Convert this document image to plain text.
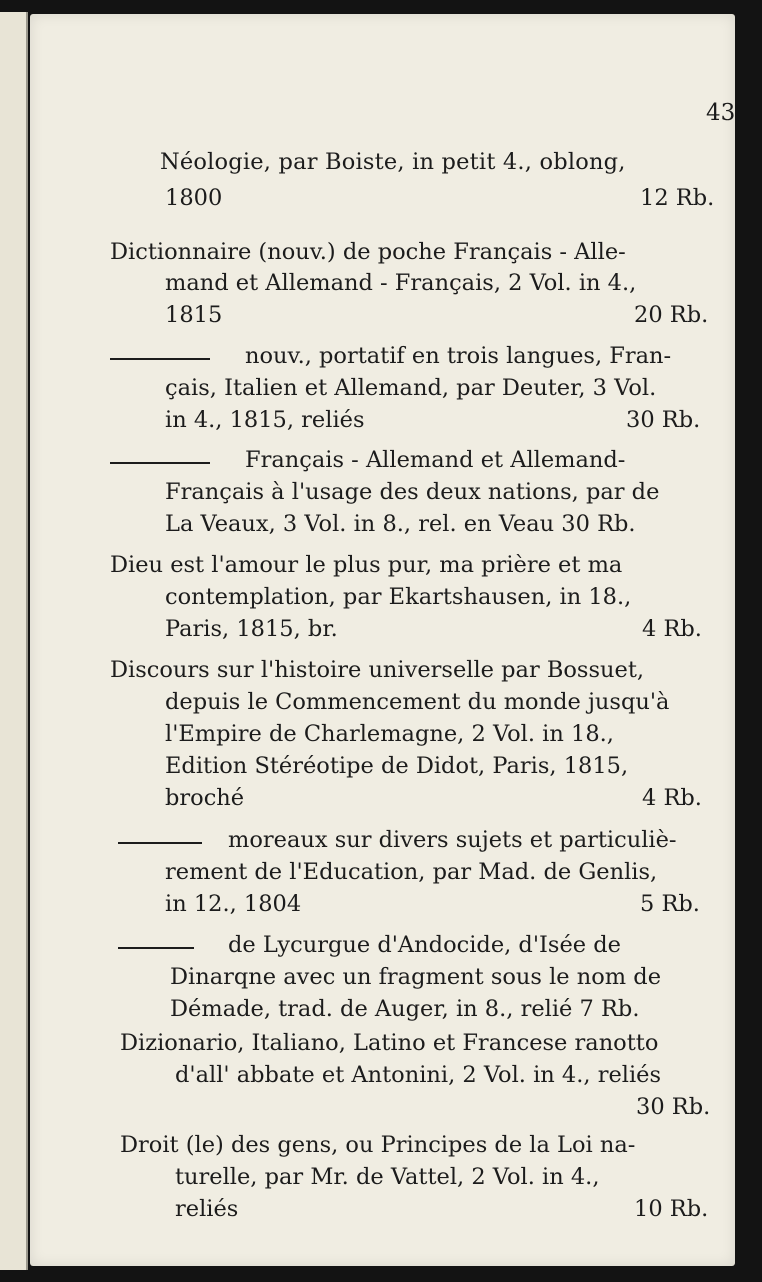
43
Néologie, par Boiste, in petit 4., oblong,
1800	12 Rb.
Dictionnaire (nouv.) de poche Français - Alle-
mand et Allemand - Français, 2 Vol. in 4.,
1815	20 Rb.
nouv., portatif en trois langues, Fran-
çais, Italien et Allemand, par Deuter, 3 Vol.
in 4., 1815, reliés	30 Rb.
Français - Allemand et Allemand-
Français à l'usage des deux nations, par de
La Veaux, 3 Vol. in 8., rel. en Veau 30 Rb.
Dieu est l'amour le plus pur, ma prière et ma
contemplation, par Ekartshausen, in 18.,
Paris, 1815, br.	4 Rb.
Discours sur l'histoire universelle par Bossuet,
depuis le Commencement du monde jusqu'à
l'Empire de Charlemagne, 2 Vol. in 18.,
Edition Stéréotipe de Didot, Paris, 1815,
broché	4 Rb.
moreaux sur divers sujets et particuliè-
rement de l'Education, par Mad. de Genlis,
in 12., 1804	5 Rb.
de Lycurgue d'Andocide, d'Isée de
Dinarqne avec un fragment sous le nom de
Démade, trad. de Auger, in 8., relié 7 Rb.
Dizionario, Italiano, Latino et Francese ranotto
d'all' abbate et Antonini, 2 Vol. in 4., reliés
30 Rb.
Droit (le) des gens, ou Principes de la Loi na-
turelle, par Mr. de Vattel, 2 Vol. in 4.,
reliés	10 Rb.
